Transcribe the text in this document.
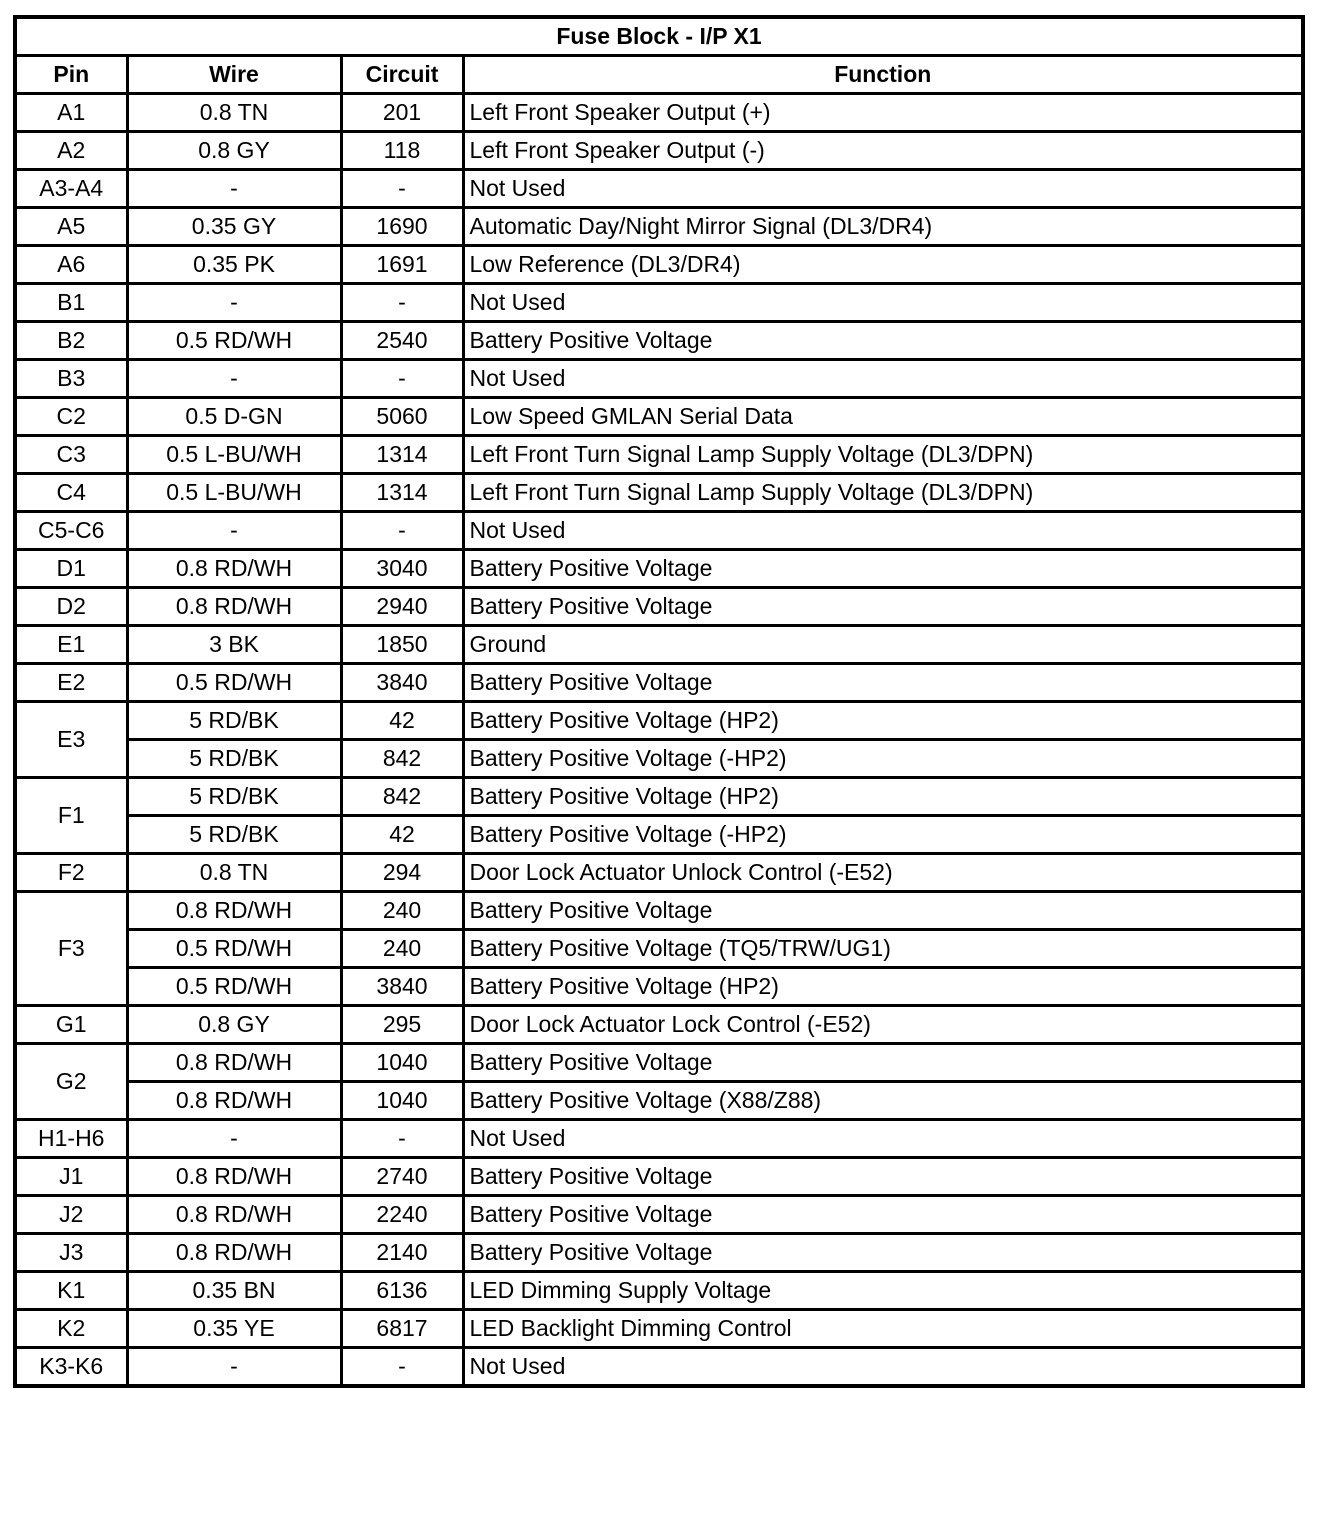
Fuse Block - I/P X1			
Pin	Wire	Circuit	Function
A1	0.8 TN	201	Left Front Speaker Output (+)
A2	0.8 GY	118	Left Front Speaker Output (-)
A3-A4	-	-	Not Used
A5	0.35 GY	1690	Automatic Day/Night Mirror Signal (DL3/DR4)
A6	0.35 PK	1691	Low Reference (DL3/DR4)
B1	-	-	Not Used
B2	0.5 RD/WH	2540	Battery Positive Voltage
B3	-	-	Not Used
C2	0.5 D-GN	5060	Low Speed GMLAN Serial Data
C3	0.5 L-BU/WH	1314	Left Front Turn Signal Lamp Supply Voltage (DL3/DPN)
C4	0.5 L-BU/WH	1314	Left Front Turn Signal Lamp Supply Voltage (DL3/DPN)
C5-C6	-	-	Not Used
D1	0.8 RD/WH	3040	Battery Positive Voltage
D2	0.8 RD/WH	2940	Battery Positive Voltage
E1	3 BK	1850	Ground
E2	0.5 RD/WH	3840	Battery Positive Voltage
E3	5 RD/BK	42	Battery Positive Voltage (HP2)
	5 RD/BK	842	Battery Positive Voltage (-HP2)
F1	5 RD/BK	842	Battery Positive Voltage (HP2)
	5 RD/BK	42	Battery Positive Voltage (-HP2)
F2	0.8 TN	294	Door Lock Actuator Unlock Control (-E52)
F3	0.8 RD/WH	240	Battery Positive Voltage
	0.5 RD/WH	240	Battery Positive Voltage (TQ5/TRW/UG1)
	0.5 RD/WH	3840	Battery Positive Voltage (HP2)
G1	0.8 GY	295	Door Lock Actuator Lock Control (-E52)
G2	0.8 RD/WH	1040	Battery Positive Voltage
	0.8 RD/WH	1040	Battery Positive Voltage (X88/Z88)
H1-H6	-	-	Not Used
J1	0.8 RD/WH	2740	Battery Positive Voltage
J2	0.8 RD/WH	2240	Battery Positive Voltage
J3	0.8 RD/WH	2140	Battery Positive Voltage
K1	0.35 BN	6136	LED Dimming Supply Voltage
K2	0.35 YE	6817	LED Backlight Dimming Control
K3-K6	-	-	Not Used
